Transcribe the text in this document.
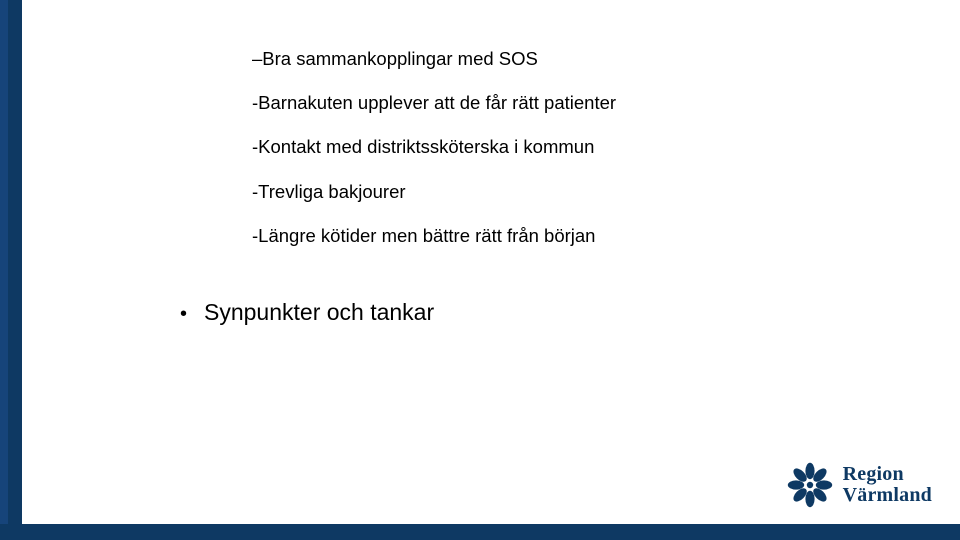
–Bra sammankopplingar med SOS

-Barnakuten upplever att de får rätt patienter

-Kontakt med distriktssköterska i kommun

-Trevliga bakjourer

-Längre kötider men bättre rätt från början

• Synpunkter och tankar
Region
Värmland
